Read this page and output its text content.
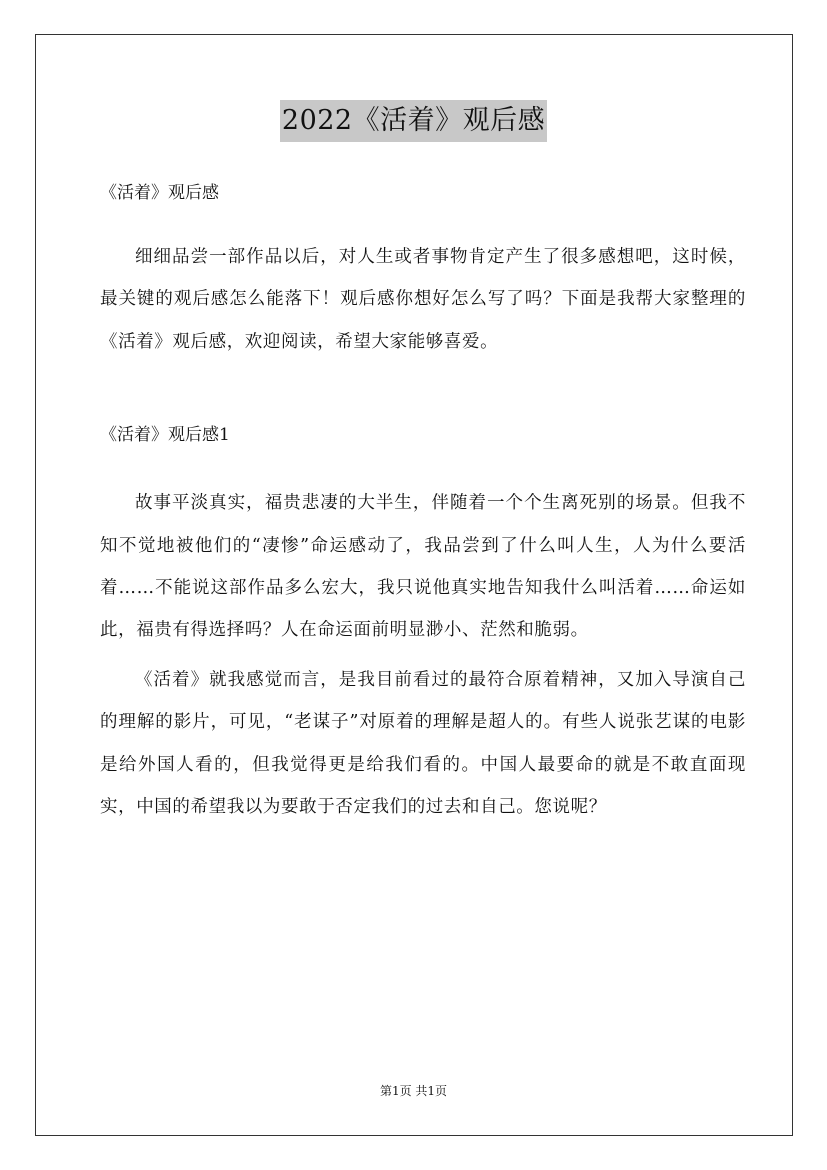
2022《活着》观后感

《活着》观后感

细细品尝一部作品以后，对人生或者事物肯定产生了很多感想吧，这时候，最关键的观后感怎么能落下！观后感你想好怎么写了吗？下面是我帮大家整理的《活着》观后感，欢迎阅读，希望大家能够喜爱。

《活着》观后感1

故事平淡真实，福贵悲凄的大半生，伴随着一个个生离死别的场景。但我不知不觉地被他们的“凄惨”命运感动了，我品尝到了什么叫人生，人为什么要活着……不能说这部作品多么宏大，我只说他真实地告知我什么叫活着……命运如此，福贵有得选择吗？人在命运面前明显渺小、茫然和脆弱。

《活着》就我感觉而言，是我目前看过的最符合原着精神，又加入导演自己的理解的影片，可见，“老谋子”对原着的理解是超人的。有些人说张艺谋的电影是给外国人看的，但我觉得更是给我们看的。中国人最要命的就是不敢直面现实，中国的希望我以为要敢于否定我们的过去和自己。您说呢？

第1页 共1页
